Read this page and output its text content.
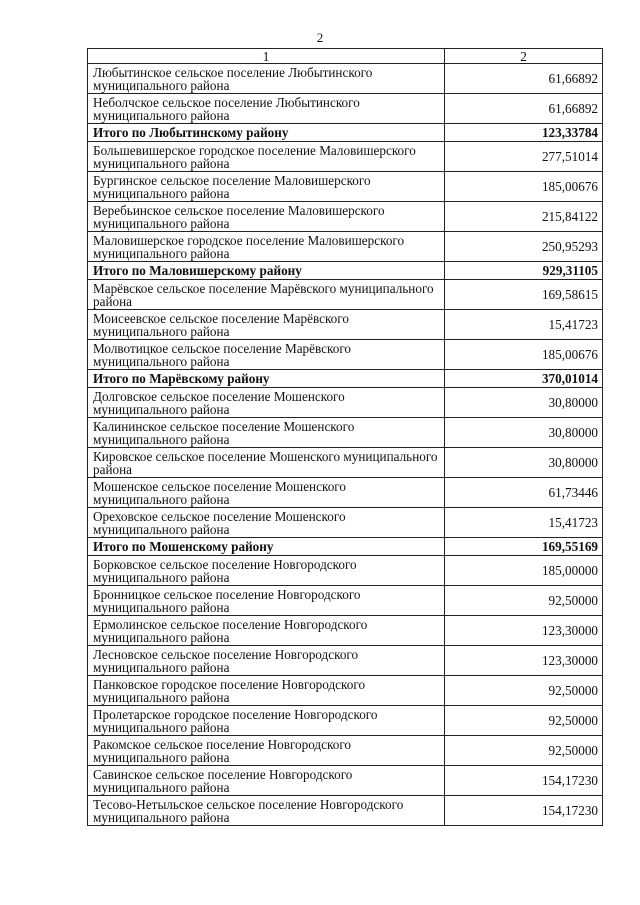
2
1	2
Любытинское сельское поселение Любытинского муниципального района	61,66892
Неболчское сельское поселение Любытинского муниципального района	61,66892
Итого по Любытинскому району	123,33784
Большевишерское городское поселение Маловишерского муниципального района	277,51014
Бургинское сельское поселение Маловишерского муниципального района	185,00676
Веребьинское сельское поселение Маловишерского муниципального района	215,84122
Маловишерское городское поселение Маловишерского муниципального района	250,95293
Итого по Маловишерскому району	929,31105
Марёвское сельское поселение Марёвского муниципального района	169,58615
Моисеевское сельское поселение Марёвского муниципального района	15,41723
Молвотицкое сельское поселение Марёвского муниципального района	185,00676
Итого по Марёвскому району	370,01014
Долговское сельское поселение Мошенского муниципального района	30,80000
Калининское сельское поселение Мошенского муниципального района	30,80000
Кировское сельское поселение Мошенского муниципального района	30,80000
Мошенское сельское поселение Мошенского муниципального района	61,73446
Ореховское сельское поселение Мошенского муниципального района	15,41723
Итого по Мошенскому району	169,55169
Борковское сельское поселение Новгородского муниципального района	185,00000
Бронницкое сельское поселение Новгородского муниципального района	92,50000
Ермолинское сельское поселение Новгородского муниципального района	123,30000
Лесновское сельское поселение Новгородского муниципального района	123,30000
Панковское городское поселение Новгородского муниципального района	92,50000
Пролетарское городское поселение Новгородского муниципального района	92,50000
Ракомское сельское поселение Новгородского муниципального района	92,50000
Савинское сельское поселение Новгородского муниципального района	154,17230
Тесово-Нетыльское сельское поселение Новгородского муниципального района	154,17230
